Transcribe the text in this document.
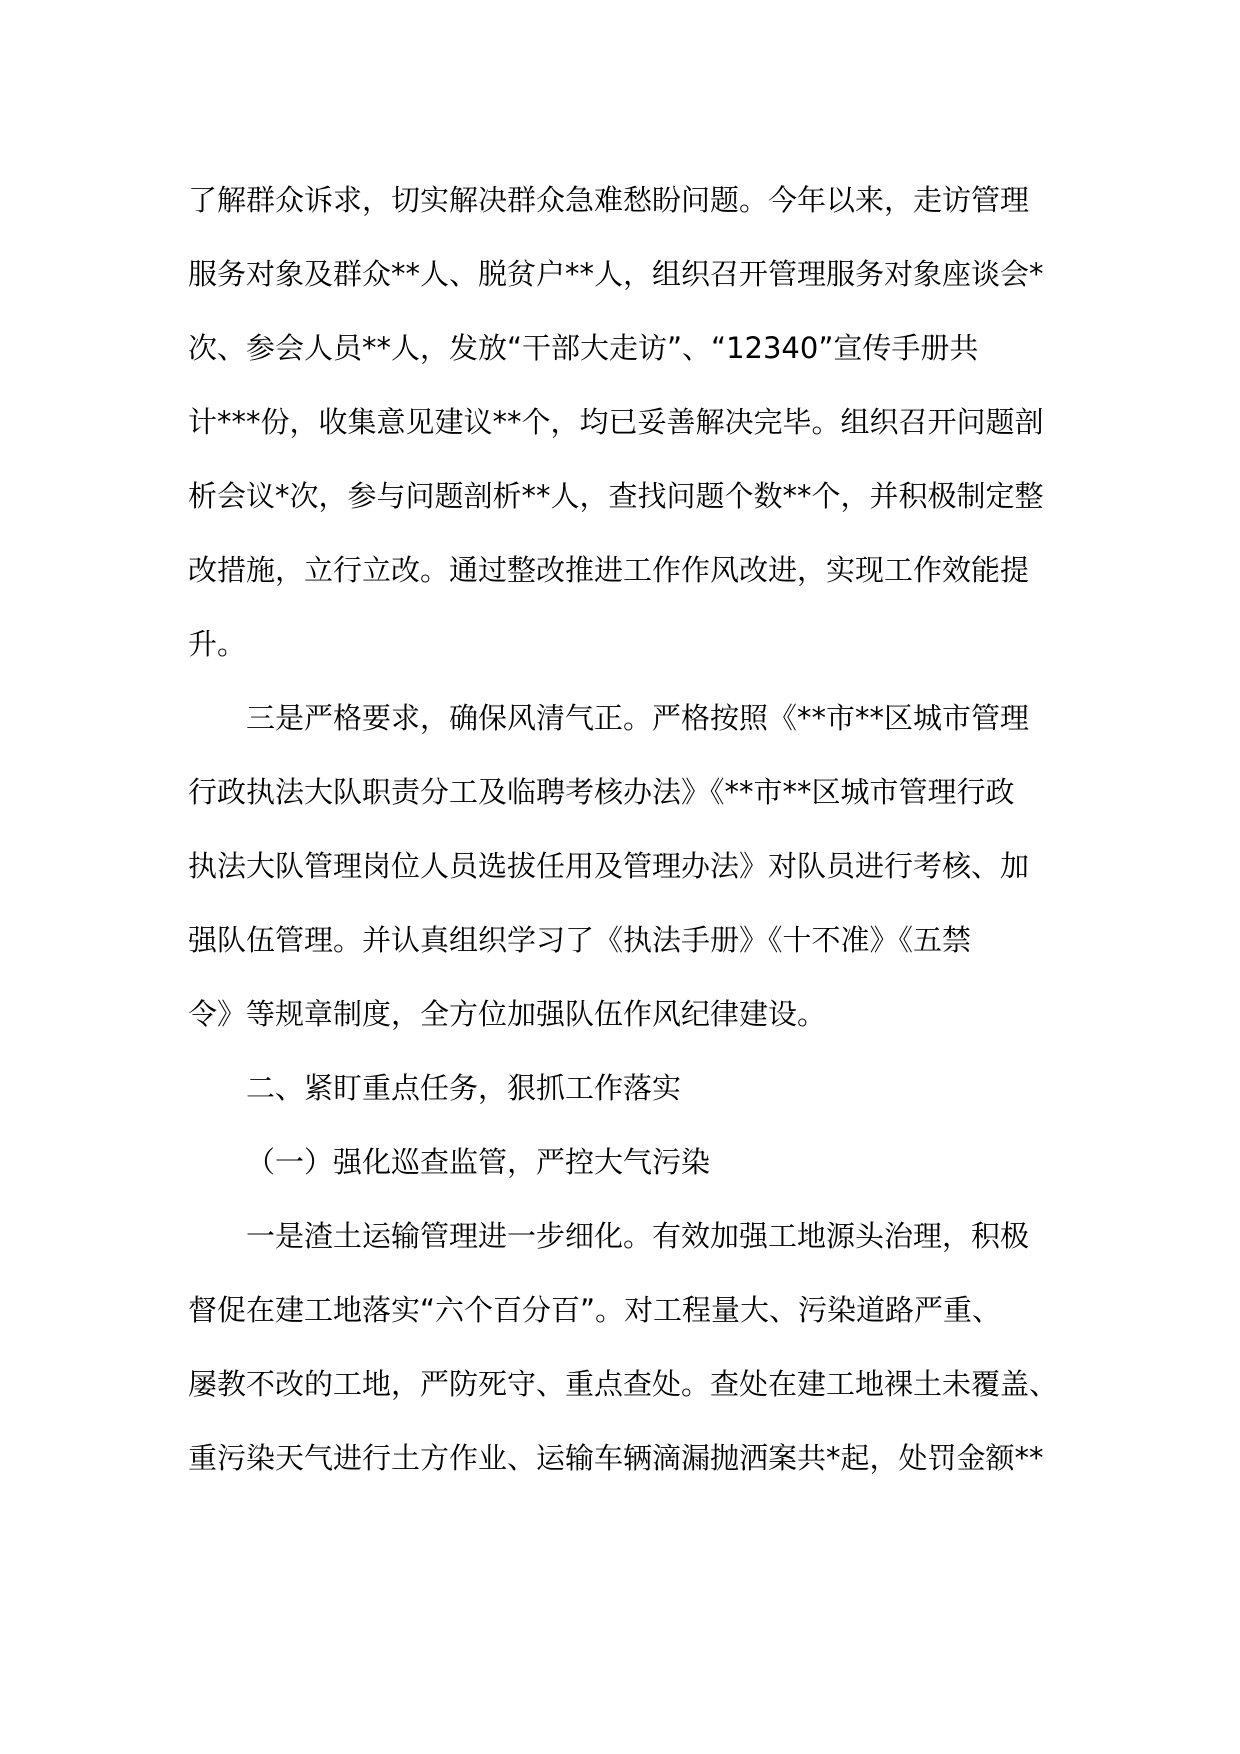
了解群众诉求，切实解决群众急难愁盼问题。今年以来，走访管理
服务对象及群众**人、脱贫户**人，组织召开管理服务对象座谈会*
次、参会人员**人，发放“干部大走访”、“12340”宣传手册共
计***份，收集意见建议**个，均已妥善解决完毕。组织召开问题剖
析会议*次，参与问题剖析**人，查找问题个数**个，并积极制定整
改措施，立行立改。通过整改推进工作作风改进，实现工作效能提
升。
三是严格要求，确保风清气正。严格按照《**市**区城市管理
行政执法大队职责分工及临聘考核办法》《**市**区城市管理行政
执法大队管理岗位人员选拔任用及管理办法》对队员进行考核、加
强队伍管理。并认真组织学习了《执法手册》《十不准》《五禁
令》等规章制度，全方位加强队伍作风纪律建设。
二、紧盯重点任务，狠抓工作落实
（一）强化巡查监管，严控大气污染
一是渣土运输管理进一步细化。有效加强工地源头治理，积极
督促在建工地落实“六个百分百”。对工程量大、污染道路严重、
屡教不改的工地，严防死守、重点查处。查处在建工地裸土未覆盖、
重污染天气进行土方作业、运输车辆滴漏抛洒案共*起，处罚金额**
